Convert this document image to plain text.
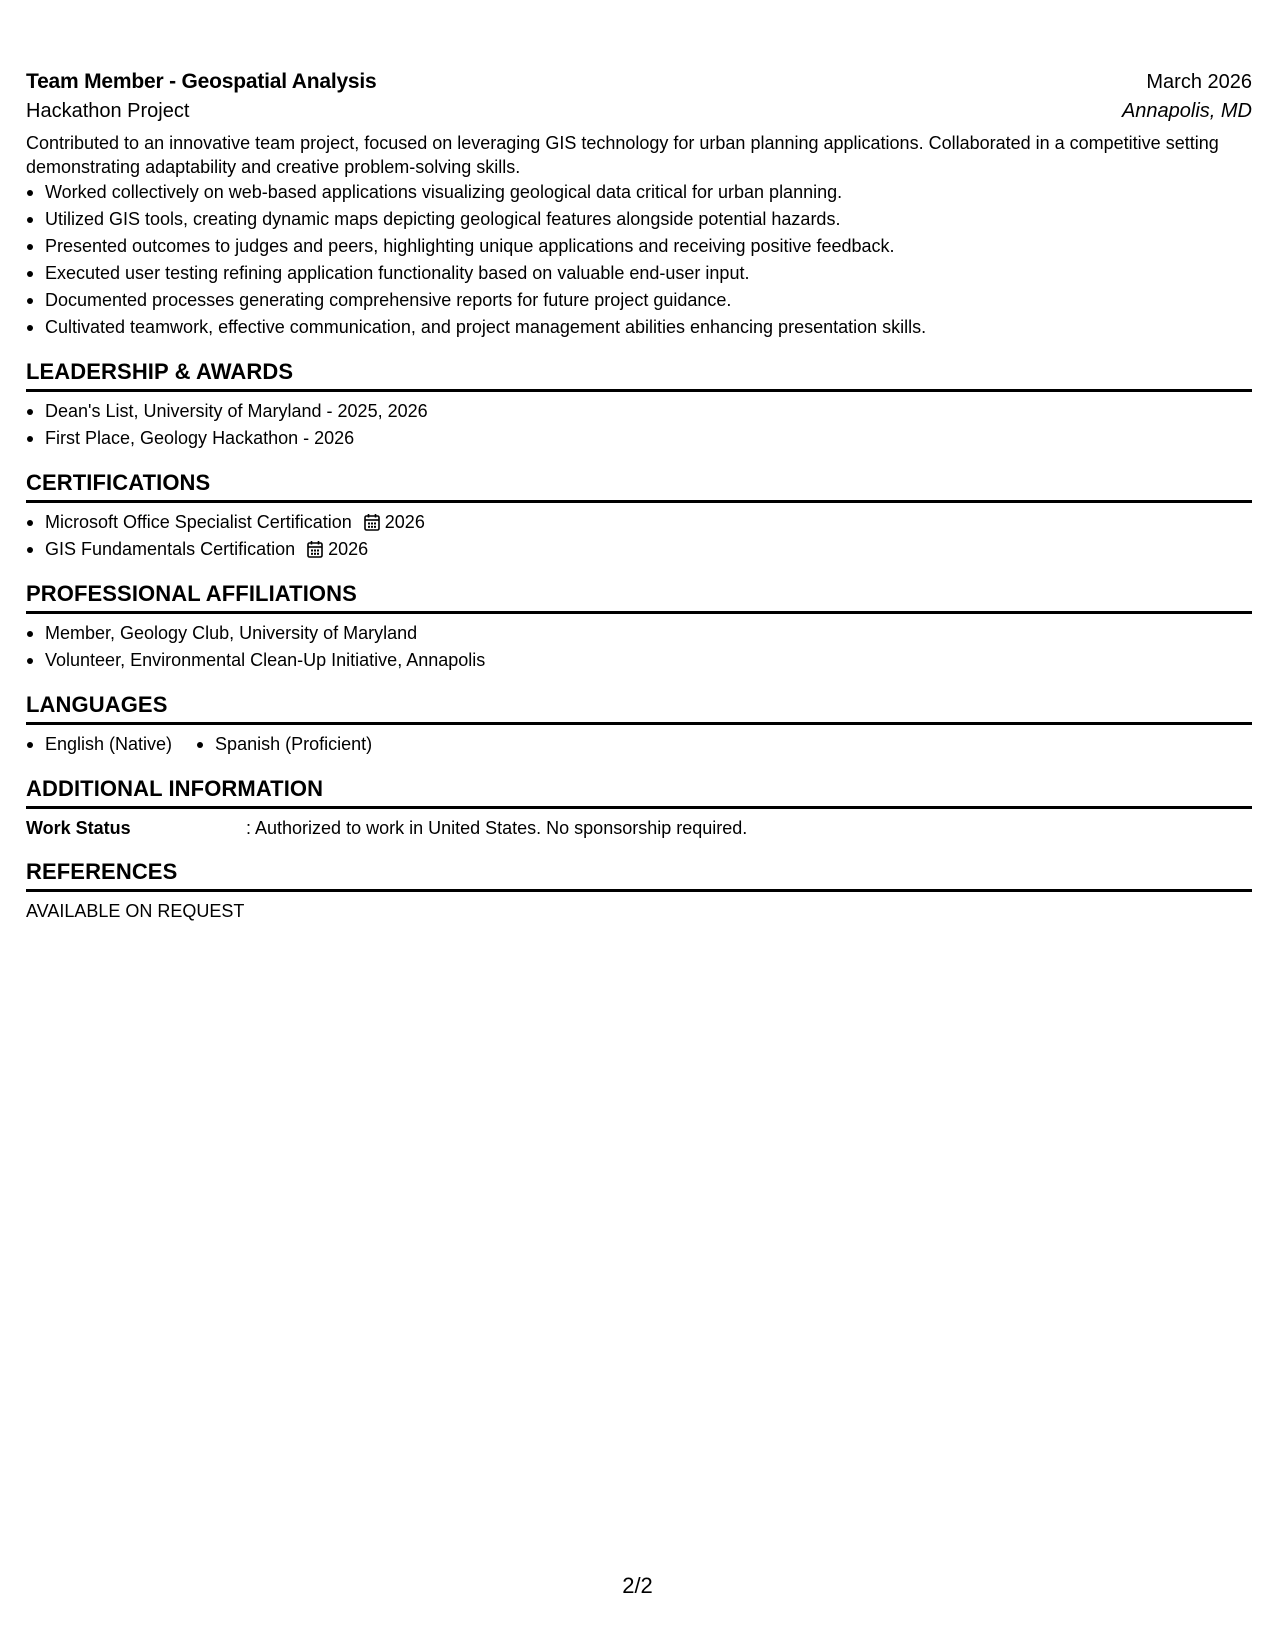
Team Member - Geospatial Analysis	March 2026
Hackathon Project	Annapolis, MD
Contributed to an innovative team project, focused on leveraging GIS technology for urban planning applications. Collaborated in a competitive setting demonstrating adaptability and creative problem-solving skills.
Worked collectively on web-based applications visualizing geological data critical for urban planning.
Utilized GIS tools, creating dynamic maps depicting geological features alongside potential hazards.
Presented outcomes to judges and peers, highlighting unique applications and receiving positive feedback.
Executed user testing refining application functionality based on valuable end-user input.
Documented processes generating comprehensive reports for future project guidance.
Cultivated teamwork, effective communication, and project management abilities enhancing presentation skills.
LEADERSHIP & AWARDS
Dean's List, University of Maryland - 2025, 2026
First Place, Geology Hackathon - 2026
CERTIFICATIONS
Microsoft Office Specialist Certification 2026
GIS Fundamentals Certification 2026
PROFESSIONAL AFFILIATIONS
Member, Geology Club, University of Maryland
Volunteer, Environmental Clean-Up Initiative, Annapolis
LANGUAGES
English (Native)	Spanish (Proficient)
ADDITIONAL INFORMATION
Work Status	: Authorized to work in United States. No sponsorship required.
REFERENCES
AVAILABLE ON REQUEST
2/2
